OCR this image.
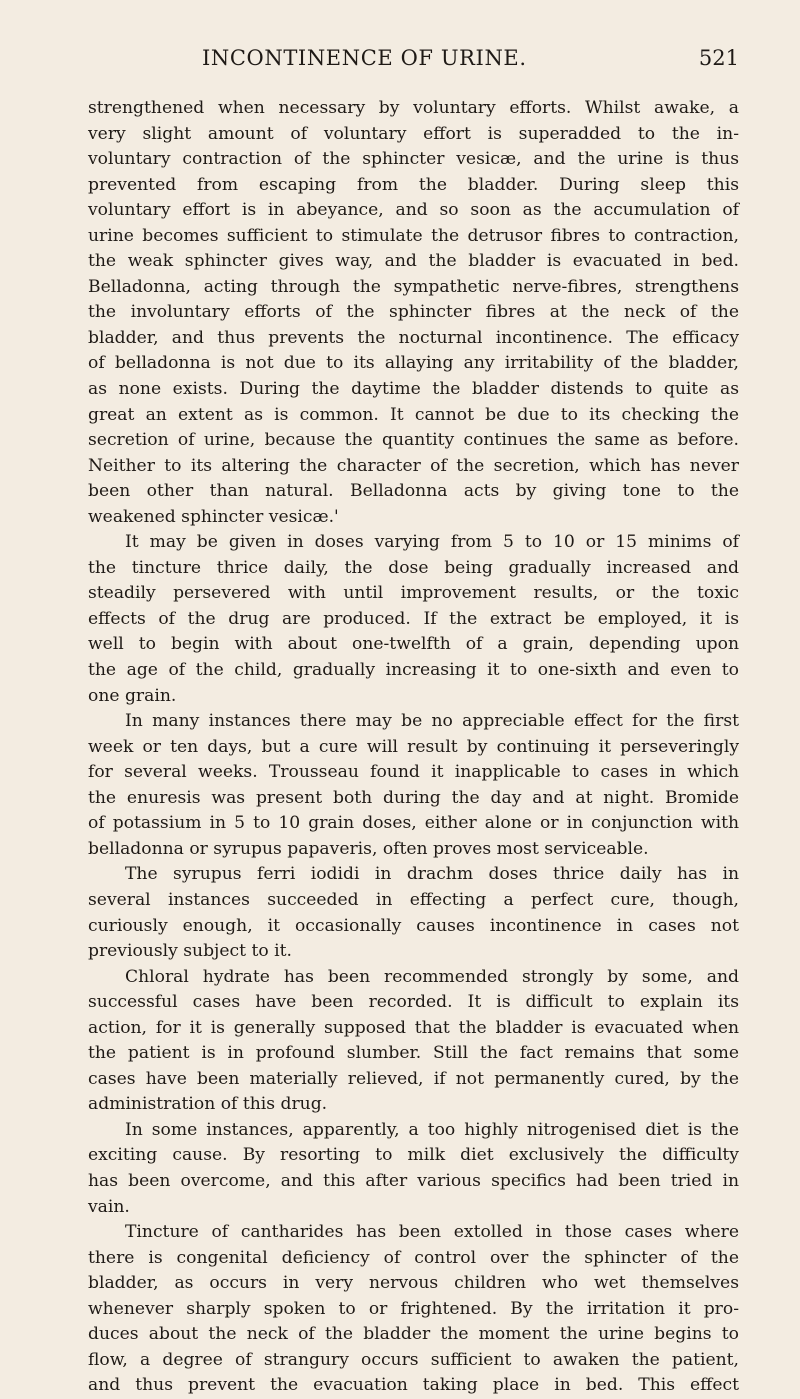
INCONTINENCE OF URINE.	521
strengthened when necessary by voluntary efforts. Whilst awake, a
very slight amount of voluntary effort is superadded to the in-
voluntary contraction of the sphincter vesicæ, and the urine is thus
prevented from escaping from the bladder. During sleep this
voluntary effort is in abeyance, and so soon as the accumulation of
urine becomes sufficient to stimulate the detrusor fibres to contraction,
the weak sphincter gives way, and the bladder is evacuated in bed.
Belladonna, acting through the sympathetic nerve-fibres, strengthens
the involuntary efforts of the sphincter fibres at the neck of the
bladder, and thus prevents the nocturnal incontinence. The efficacy
of belladonna is not due to its allaying any irritability of the bladder,
as none exists. During the daytime the bladder distends to quite as
great an extent as is common. It cannot be due to its checking the
secretion of urine, because the quantity continues the same as before.
Neither to its altering the character of the secretion, which has never
been other than natural. Belladonna acts by giving tone to the
weakened sphincter vesicæ.'
It may be given in doses varying from 5 to 10 or 15 minims of
the tincture thrice daily, the dose being gradually increased and
steadily persevered with until improvement results, or the toxic
effects of the drug are produced. If the extract be employed, it is
well to begin with about one-twelfth of a grain, depending upon
the age of the child, gradually increasing it to one-sixth and even to
one grain.
In many instances there may be no appreciable effect for the first
week or ten days, but a cure will result by continuing it perseveringly
for several weeks. Trousseau found it inapplicable to cases in which
the enuresis was present both during the day and at night. Bromide
of potassium in 5 to 10 grain doses, either alone or in conjunction with
belladonna or syrupus papaveris, often proves most serviceable.
The syrupus ferri iodidi in drachm doses thrice daily has in
several instances succeeded in effecting a perfect cure, though,
curiously enough, it occasionally causes incontinence in cases not
previously subject to it.
Chloral hydrate has been recommended strongly by some, and
successful cases have been recorded. It is difficult to explain its
action, for it is generally supposed that the bladder is evacuated when
the patient is in profound slumber. Still the fact remains that some
cases have been materially relieved, if not permanently cured, by the
administration of this drug.
In some instances, apparently, a too highly nitrogenised diet is the
exciting cause. By resorting to milk diet exclusively the difficulty
has been overcome, and this after various specifics had been tried in
vain.
Tincture of cantharides has been extolled in those cases where
there is congenital deficiency of control over the sphincter of the
bladder, as occurs in very nervous children who wet themselves
whenever sharply spoken to or frightened. By the irritation it pro-
duces about the neck of the bladder the moment the urine begins to
flow, a degree of strangury occurs sufficient to awaken the patient,
and thus prevent the evacuation taking place in bed. This effect
